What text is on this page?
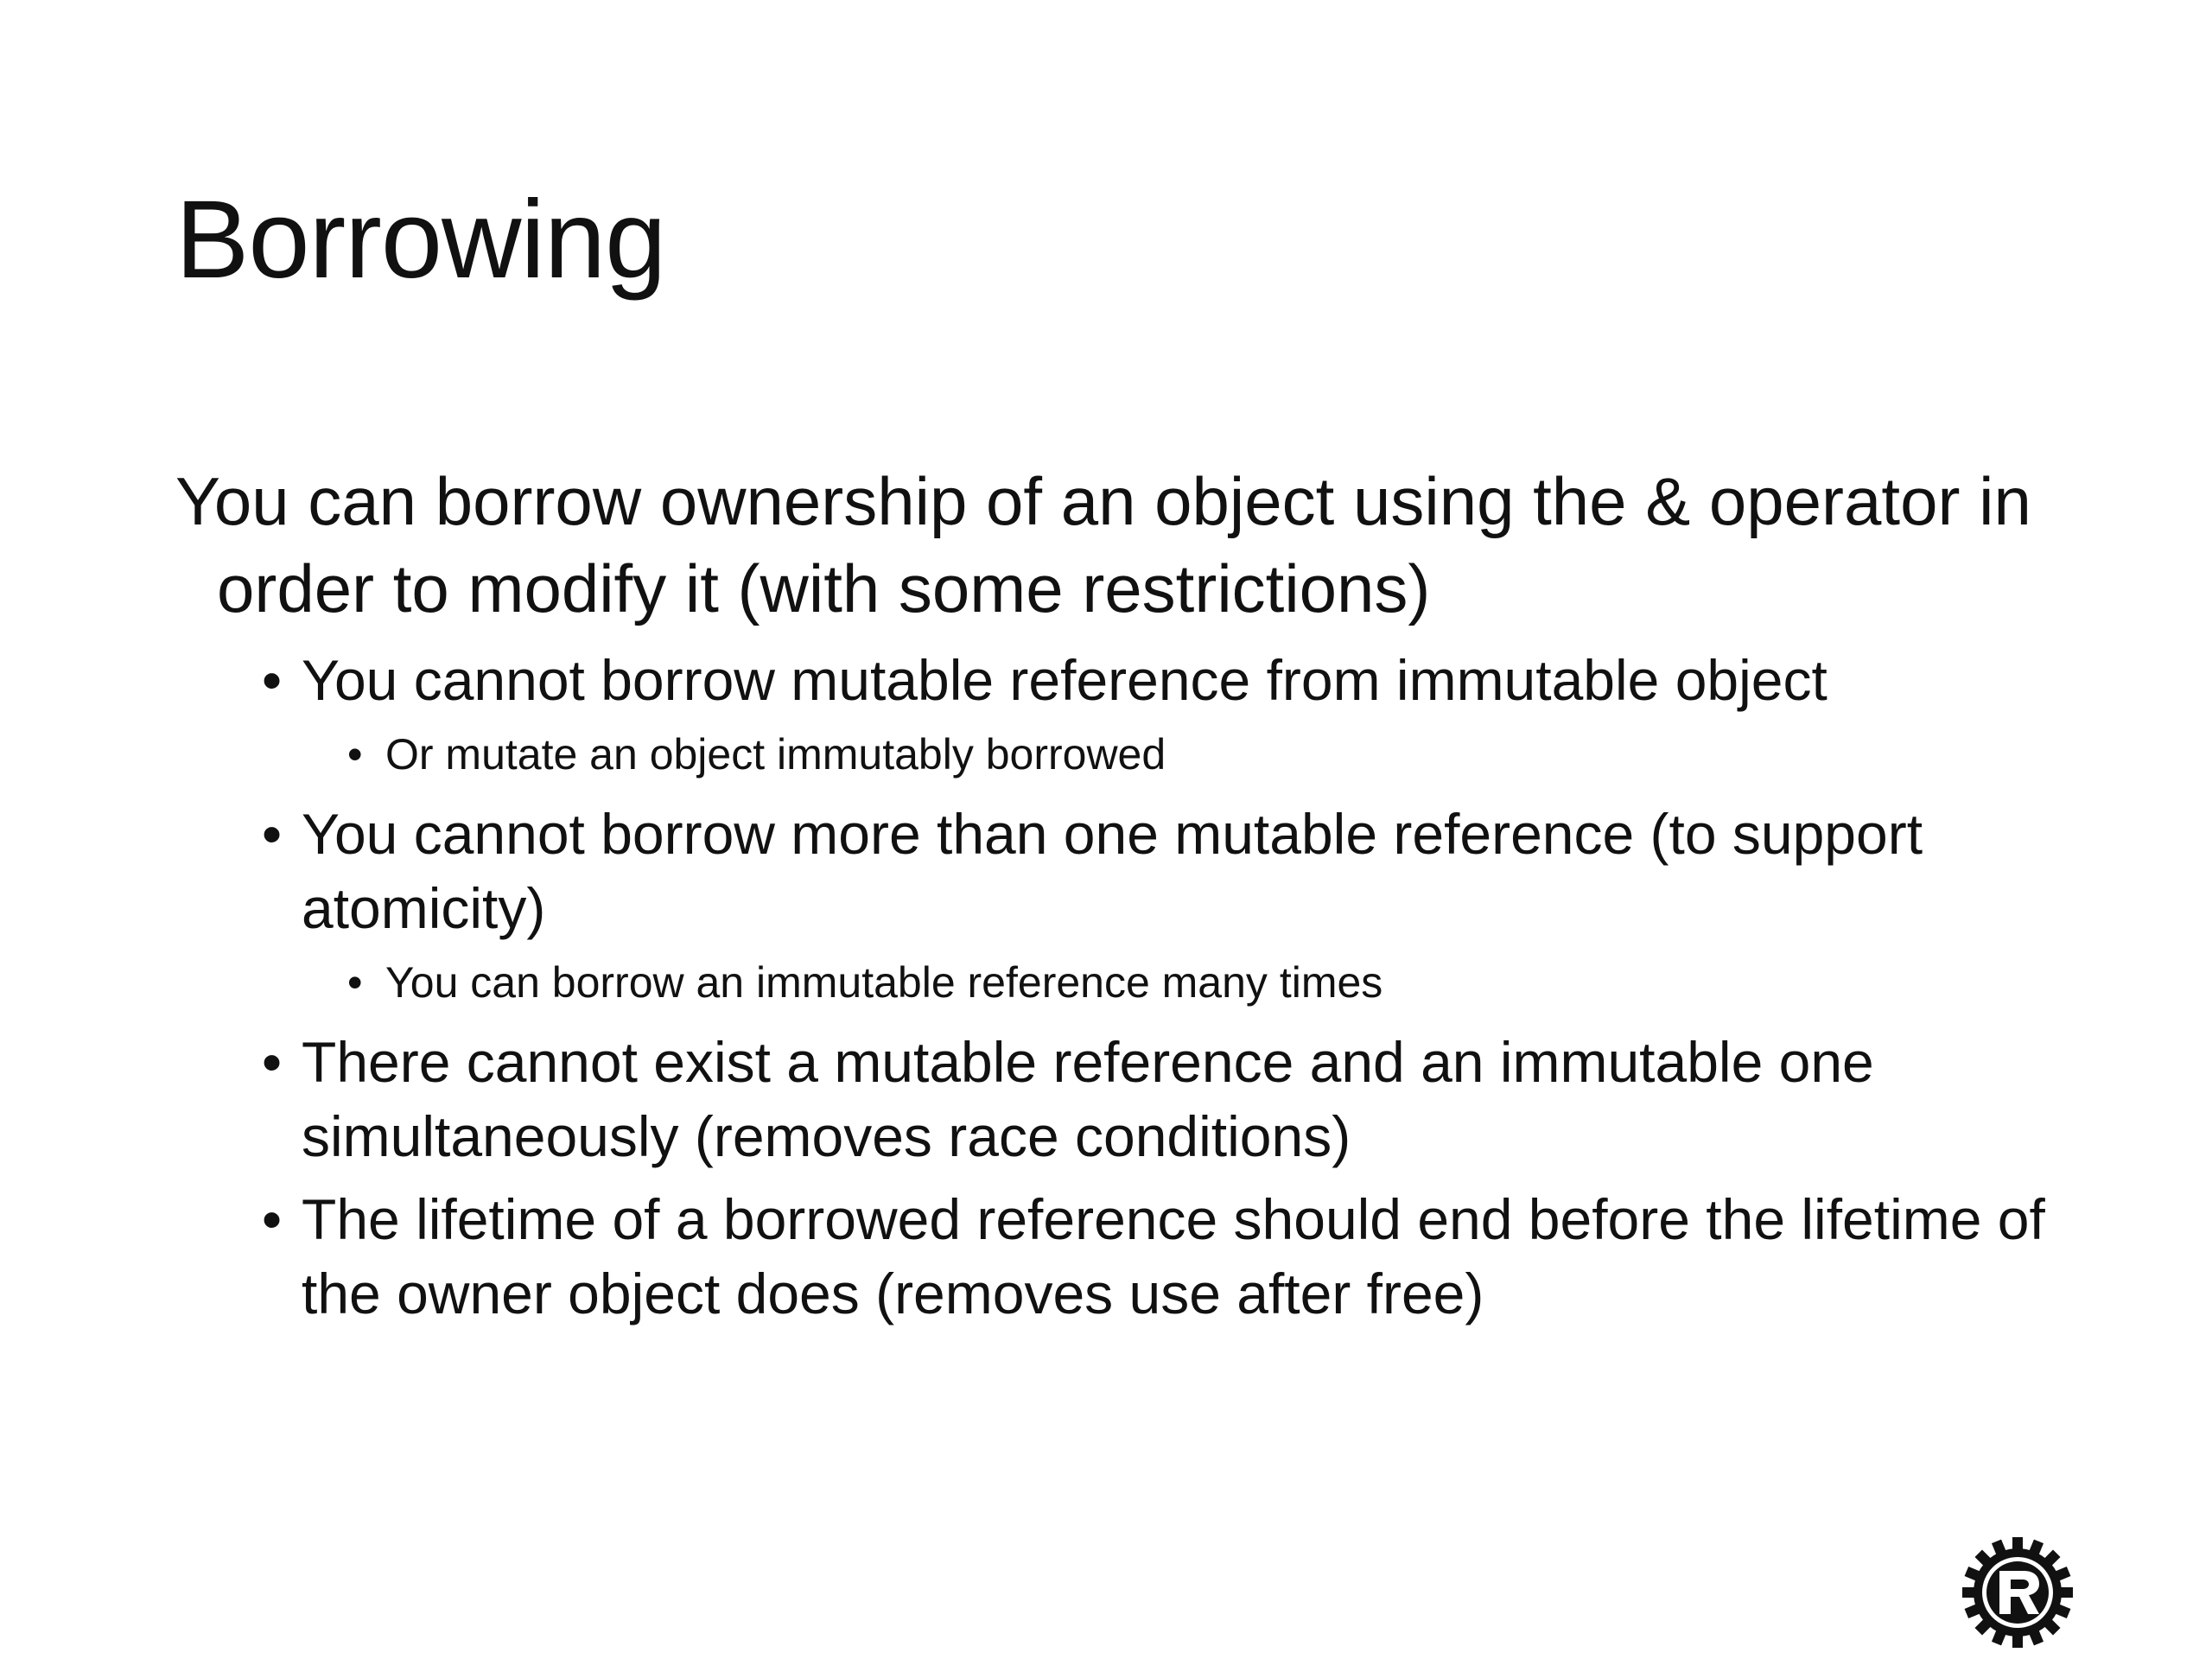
Borrowing
You can borrow ownership of an object using the & operator in order to modify it (with some restrictions)
• You cannot borrow mutable reference from immutable object
• Or mutate an object immutably borrowed
• You cannot borrow more than one mutable reference (to support atomicity)
• You can borrow an immutable reference many times
• There cannot exist a mutable reference and an immutable one simultaneously (removes race conditions)
• The lifetime of a borrowed reference should end before the lifetime of the owner object does (removes use after free)
